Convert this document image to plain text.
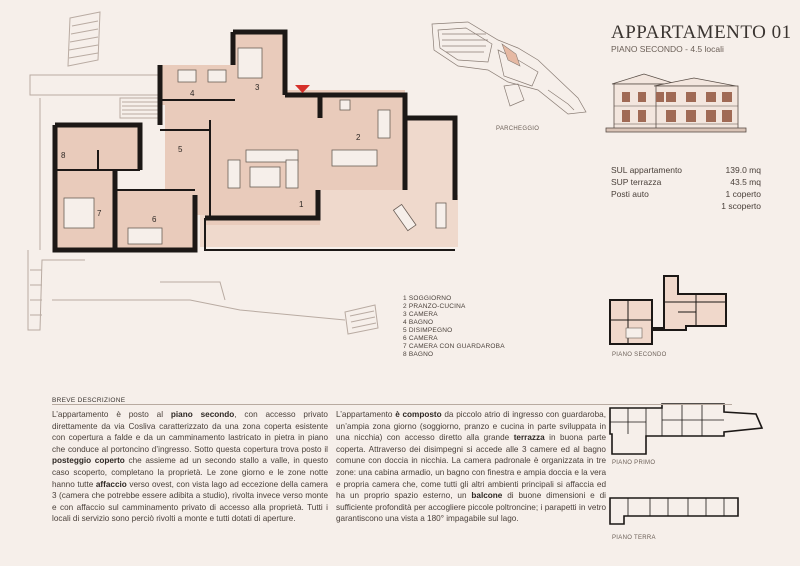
1
2
3
4
5
6
7
8
PARCHEGGIO
APPARTAMENTO 01
PIANO SECONDO - 4.5 locali
SUL appartamento	139.0 mq
SUP terrazza	43.5 mq
Posti auto	1 coperto
1 scoperto
1 SOGGIORNO
2 PRANZO-CUCINA
3 CAMERA
4 BAGNO
5 DISIMPEGNO
6 CAMERA
7 CAMERA CON GUARDAROBA
8 BAGNO	PIANO SECONDO
PIANO PRIMO
PIANO TERRA
BREVE DESCRIZIONE
L’appartamento è posto al piano secondo, con accesso privato direttamente da via Cosliva caratterizzato da una zona coperta esistente con copertura a falde e da un camminamento lastricato in pietra in piano che conduce al portoncino d’ingresso. Sotto questa copertura trova posto il posteggio coperto che assieme ad un secondo stallo a valle, in questo caso scoperto, completano la proprietà. Le zone giorno e le zone notte hanno tutte affaccio verso ovest, con vista lago ad eccezione della camera 3 (camera che potrebbe essere adibita a studio), rivolta invece verso monte e con affaccio sul camminamento privato di accesso alla proprietà. Tutti i locali di servizio sono perciò rivolti a monte e tutti dotati di aperture.
L’appartamento è composto da piccolo atrio di ingresso con guardaroba, un’ampia zona giorno (soggiorno, pranzo e cucina in parte sviluppata in una nicchia) con accesso diretto alla grande terrazza in buona parte coperta. Attraverso dei disimpegni si accede alle 3 camere ed al bagno comune con doccia in nicchia. La camera padronale è organizzata in tre zone: una cabina armadio, un bagno con finestra e ampia doccia e la vera e propria camera che, come tutti gli altri ambienti principali si affaccia ed ha un proprio spazio esterno, un balcone di buone dimensioni e di sufficiente profondità per accogliere piccole poltroncine; i parapetti in vetro garantiscono una vista a 180° impagabile sul lago.
